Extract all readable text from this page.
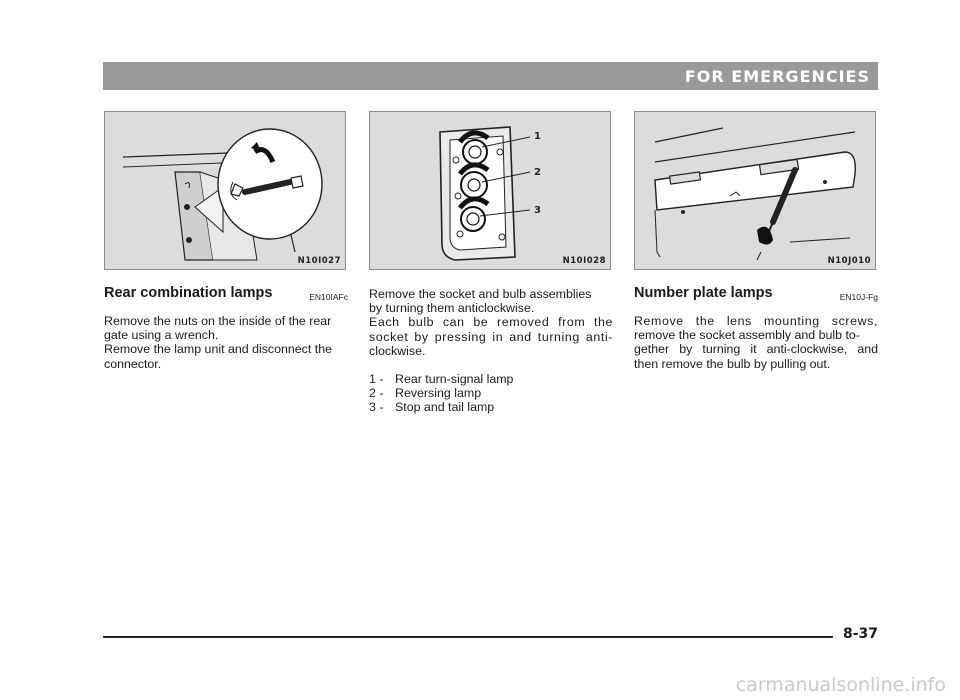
FOR EMERGENCIES
N10I027
1
2
3
N10I028	N10J010
Rear combination lamps	EN10IAFc

Remove the nuts on the inside of the rear

gate using a wrench.

Remove the lamp unit and disconnect the

connector.

Remove the socket and bulb assemblies

by turning them anticlockwise.

Each bulb can be removed from the

socket by pressing in and turning anti-

clockwise.

1 - Rear turn-signal lamp
2 - Reversing lamp
3 - Stop and tail lamp
Number plate lamps	EN10J-Fg

Remove the lens mounting screws,

remove the socket assembly and bulb to-

gether by turning it anti-clockwise, and

then remove the bulb by pulling out.

8-37
carmanualsonline.info
